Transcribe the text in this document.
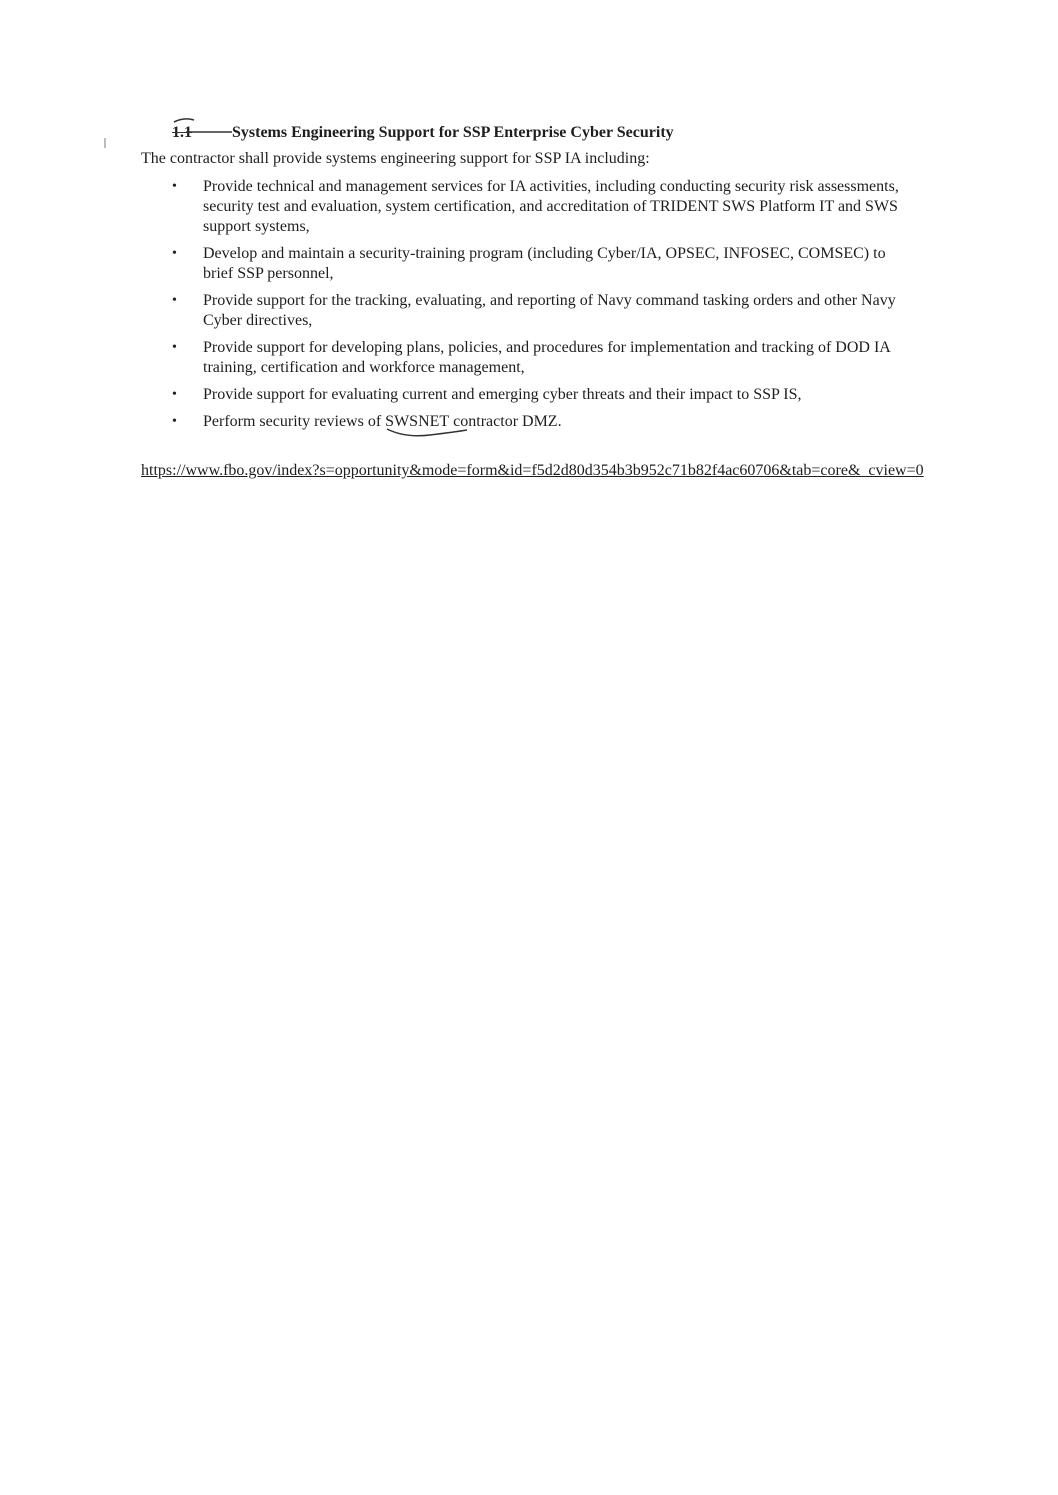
1.1	Systems Engineering Support for SSP Enterprise Cyber Security
The contractor shall provide systems engineering support for SSP IA including:
• Provide technical and management services for IA activities, including conducting security risk assessments, security test and evaluation, system certification, and accreditation of TRIDENT SWS Platform IT and SWS support systems,
• Develop and maintain a security-training program (including Cyber/IA, OPSEC, INFOSEC, COMSEC) to brief SSP personnel,
• Provide support for the tracking, evaluating, and reporting of Navy command tasking orders and other Navy Cyber directives,
• Provide support for developing plans, policies, and procedures for implementation and tracking of DOD IA training, certification and workforce management,
• Provide support for evaluating current and emerging cyber threats and their impact to SSP IS,
• Perform security reviews of SWSNET
contractor DMZ.
https://www.fbo.gov/index?s=opportunity&mode=form&id=f5d2d80d354b3b952c71b82f4ac60706&tab=core&_cview=0
